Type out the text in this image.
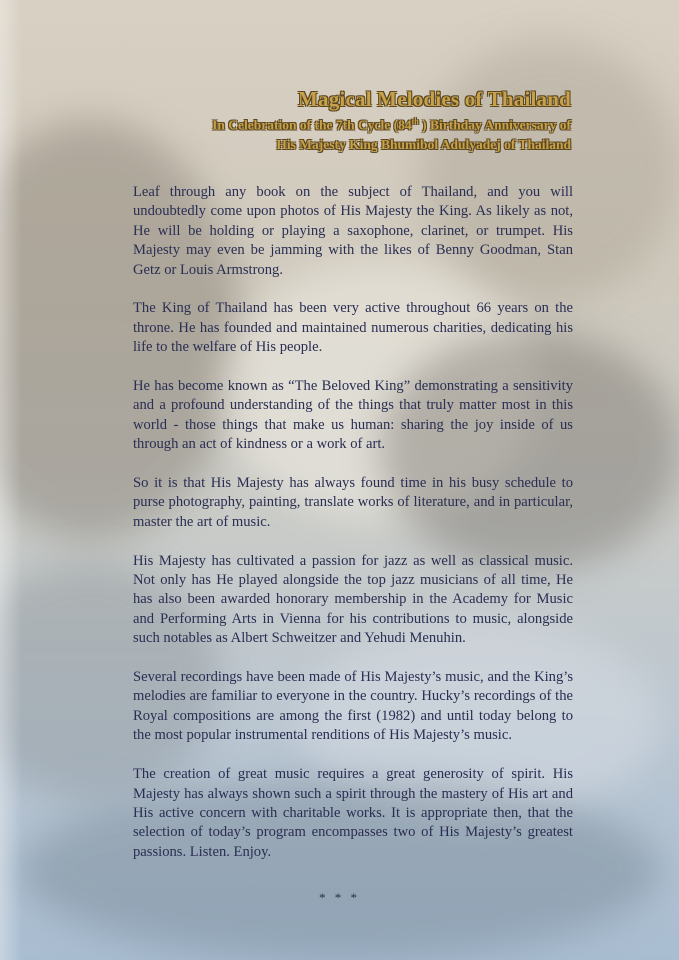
Magical Melodies of Thailand
In Celebration of the 7th Cycle (84th ) Birthday Anniversary of
His Majesty King Bhumibol Adulyadej of Thailand

Leaf through any book on the subject of Thailand, and you will undoubtedly come upon photos of His Majesty the King. As likely as not, He will be holding or playing a saxophone, clarinet, or trumpet. His Majesty may even be jamming with the likes of Benny Goodman, Stan Getz or Louis Armstrong.

The King of Thailand has been very active throughout 66 years on the throne. He has founded and maintained numerous charities, dedicating his life to the welfare of His people.

He has become known as “The Beloved King” demonstrating a sensitivity and a profound understanding of the things that truly matter most in this world - those things that make us human: sharing the joy inside of us through an act of kindness or a work of art.

So it is that His Majesty has always found time in his busy schedule to purse photography, painting, translate works of literature, and in particular, master the art of music.

His Majesty has cultivated a passion for jazz as well as classical music. Not only has He played alongside the top jazz musicians of all time, He has also been awarded honorary membership in the Academy for Music and Performing Arts in Vienna for his contributions to music, alongside such notables as Albert Schweitzer and Yehudi Menuhin.

Several recordings have been made of His Majesty’s music, and the King’s melodies are familiar to everyone in the country. Hucky’s recordings of the Royal compositions are among the first (1982) and until today belong to the most popular instrumental renditions of His Majesty’s music.

The creation of great music requires a great generosity of spirit. His Majesty has always shown such a spirit through the mastery of His art and His active concern with charitable works. It is appropriate then, that the selection of today’s program encompasses two of His Majesty’s greatest passions. Listen. Enjoy.

* * *
